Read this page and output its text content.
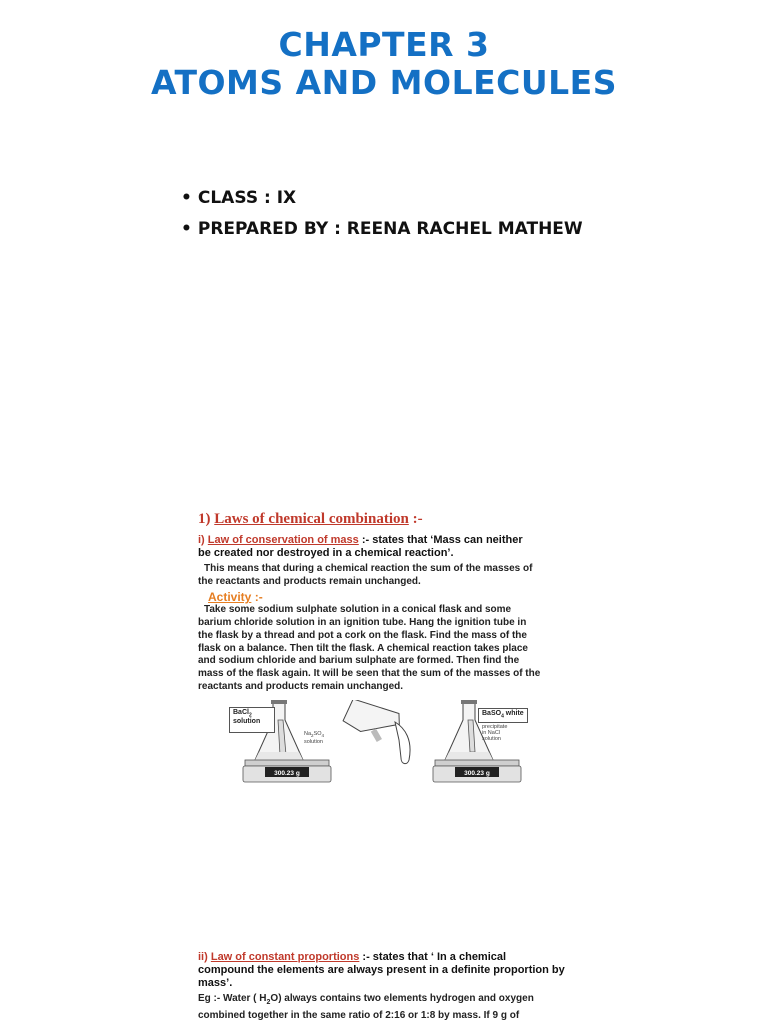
CHAPTER 3
ATOMS AND MOLECULES
• CLASS : IX
• PREPARED BY : REENA RACHEL MATHEW
1) Laws of chemical combination :-
i) Law of conservation of mass :- states that ‘Mass can neither
be created nor destroyed in a chemical reaction’.
This means that during a chemical reaction the sum of the masses of
the reactants and products remain unchanged.
Activity :-
Take some sodium sulphate solution in a conical flask and some
barium chloride solution in an ignition tube. Hang the ignition tube in
the flask by a thread and pot a cork on the flask. Find the mass of the
flask on a balance. Then tilt the flask. A chemical reaction takes place
and sodium chloride and barium sulphate are formed. Then find the
mass of the flask again. It will be seen that the sum of the masses of the
reactants and products remain unchanged.
300.23 g	300.23 g
BaCl$_2$
solution
$Na_2SO_4$
solution
BaSO$_4$ white
precipitate
in NaCl
solution
ii) Law of constant proportions :- states that ‘ In a chemical
compound the elements are always present in a definite proportion by
mass’.
Eg :- Water ( $H_2O$) always contains two elements hydrogen and oxygen
combined together in the same ratio of 2:16 or 1:8 by mass. If 9 g of
